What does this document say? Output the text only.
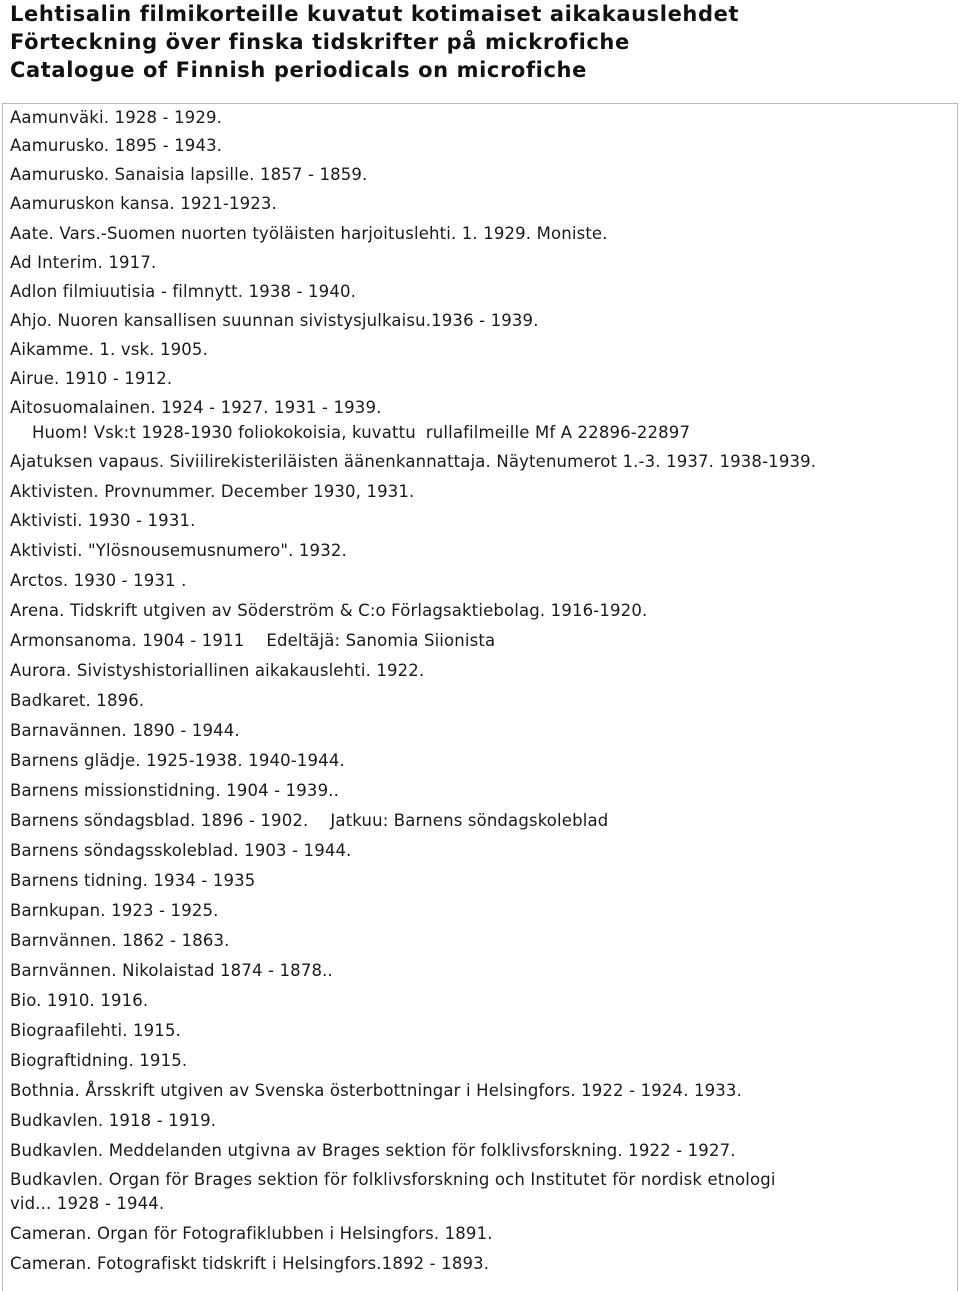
Lehtisalin filmikorteille kuvatut kotimaiset aikakauslehdet
Förteckning över finska tidskrifter på mickrofiche
Catalogue of Finnish periodicals on microfiche
Aamunväki. 1928 - 1929.
Aamurusko. 1895 - 1943.
Aamurusko. Sanaisia lapsille. 1857 - 1859.
Aamuruskon kansa. 1921-1923.
Aate. Vars.-Suomen nuorten työläisten harjoituslehti. 1. 1929. Moniste.
Ad Interim. 1917.
Adlon filmiuutisia - filmnytt. 1938 - 1940.
Ahjo. Nuoren kansallisen suunnan sivistysjulkaisu.1936 - 1939.
Aikamme. 1. vsk. 1905.
Airue. 1910 - 1912.
Aitosuomalainen. 1924 - 1927. 1931 - 1939.
Huom! Vsk:t 1928-1930 foliokokoisia, kuvattu rullafilmeille Mf A 22896-22897
Ajatuksen vapaus. Siviilirekisteriläisten äänenkannattaja. Näytenumerot 1.-3. 1937. 1938-1939.
Aktivisten. Provnummer. December 1930, 1931.
Aktivisti. 1930 - 1931.
Aktivisti. "Ylösnousemusnumero". 1932.
Arctos. 1930 - 1931 .
Arena. Tidskrift utgiven av Söderström & C:o Förlagsaktiebolag. 1916-1920.
Armonsanoma. 1904 - 1911 Edeltäjä: Sanomia Siionista
Aurora. Sivistyshistoriallinen aikakauslehti. 1922.
Badkaret. 1896.
Barnavännen. 1890 - 1944.
Barnens glädje. 1925-1938. 1940-1944.
Barnens missionstidning. 1904 - 1939..
Barnens söndagsblad. 1896 - 1902. Jatkuu: Barnens söndagskoleblad
Barnens söndagsskoleblad. 1903 - 1944.
Barnens tidning. 1934 - 1935
Barnkupan. 1923 - 1925.
Barnvännen. 1862 - 1863.
Barnvännen. Nikolaistad 1874 - 1878..
Bio. 1910. 1916.
Biograafilehti. 1915.
Biograftidning. 1915.
Bothnia. Årsskrift utgiven av Svenska österbottningar i Helsingfors. 1922 - 1924. 1933.
Budkavlen. 1918 - 1919.
Budkavlen. Meddelanden utgivna av Brages sektion för folklivsforskning. 1922 - 1927.
Budkavlen. Organ för Brages sektion för folklivsforskning och Institutet för nordisk etnologi
vid... 1928 - 1944.
Cameran. Organ för Fotografiklubben i Helsingfors. 1891.
Cameran. Fotografiskt tidskrift i Helsingfors.1892 - 1893.
